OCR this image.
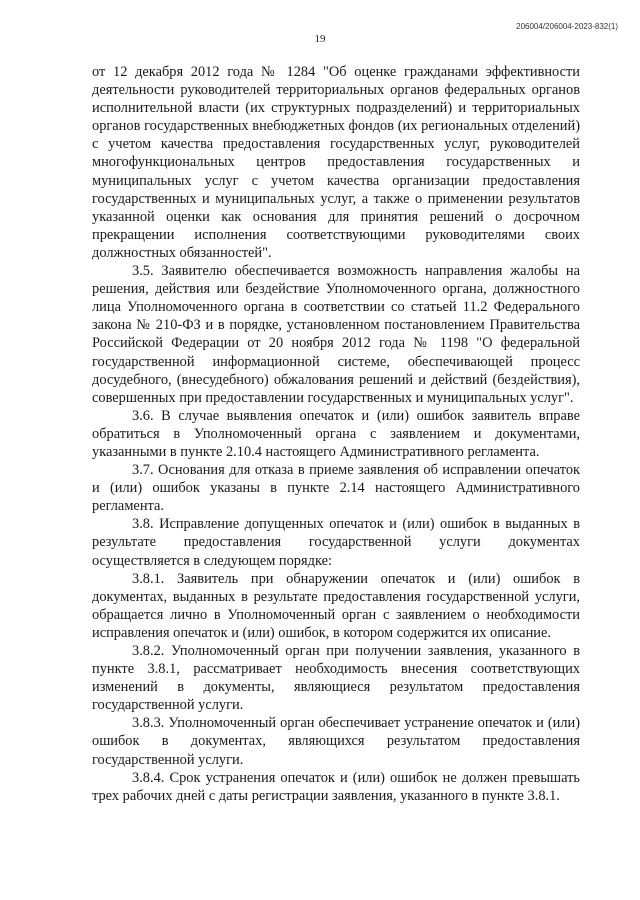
206004/206004-2023-832(1)
19

от 12 декабря 2012 года № 1284 "Об оценке гражданами эффективности деятельности руководителей территориальных органов федеральных органов исполнительной власти (их структурных подразделений) и территориальных органов государственных внебюджетных фондов (их региональных отделений) с учетом качества предоставления государственных услуг, руководителей многофункциональных центров предоставления государственных и муниципальных услуг с учетом качества организации предоставления государственных и муниципальных услуг, а также о применении результатов указанной оценки как основания для принятия решений о досрочном прекращении исполнения соответствующими руководителями своих должностных обязанностей".

3.5. Заявителю обеспечивается возможность направления жалобы на решения, действия или бездействие Уполномоченного органа, должностного лица Уполномоченного органа в соответствии со статьей 11.2 Федерального закона № 210-ФЗ и в порядке, установленном постановлением Правительства Российской Федерации от 20 ноября 2012 года № 1198 "О федеральной государственной информационной системе, обеспечивающей процесс досудебного, (внесудебного) обжалования решений и действий (бездействия), совершенных при предоставлении государственных и муниципальных услуг".

3.6. В случае выявления опечаток и (или) ошибок заявитель вправе обратиться в Уполномоченный органа с заявлением и документами, указанными в пункте 2.10.4 настоящего Административного регламента.

3.7. Основания для отказа в приеме заявления об исправлении опечаток и (или) ошибок указаны в пункте 2.14 настоящего Административного регламента.

3.8. Исправление допущенных опечаток и (или) ошибок в выданных в результате предоставления государственной услуги документах осуществляется в следующем порядке:

3.8.1. Заявитель при обнаружении опечаток и (или) ошибок в документах, выданных в результате предоставления государственной услуги, обращается лично в Уполномоченный орган с заявлением о необходимости исправления опечаток и (или) ошибок, в котором содержится их описание.

3.8.2. Уполномоченный орган при получении заявления, указанного в пункте 3.8.1, рассматривает необходимость внесения соответствующих изменений в документы, являющиеся результатом предоставления государственной услуги.

3.8.3. Уполномоченный орган обеспечивает устранение опечаток и (или) ошибок в документах, являющихся результатом предоставления государственной услуги.

3.8.4. Срок устранения опечаток и (или) ошибок не должен превышать трех рабочих дней с даты регистрации заявления, указанного в пункте 3.8.1.
